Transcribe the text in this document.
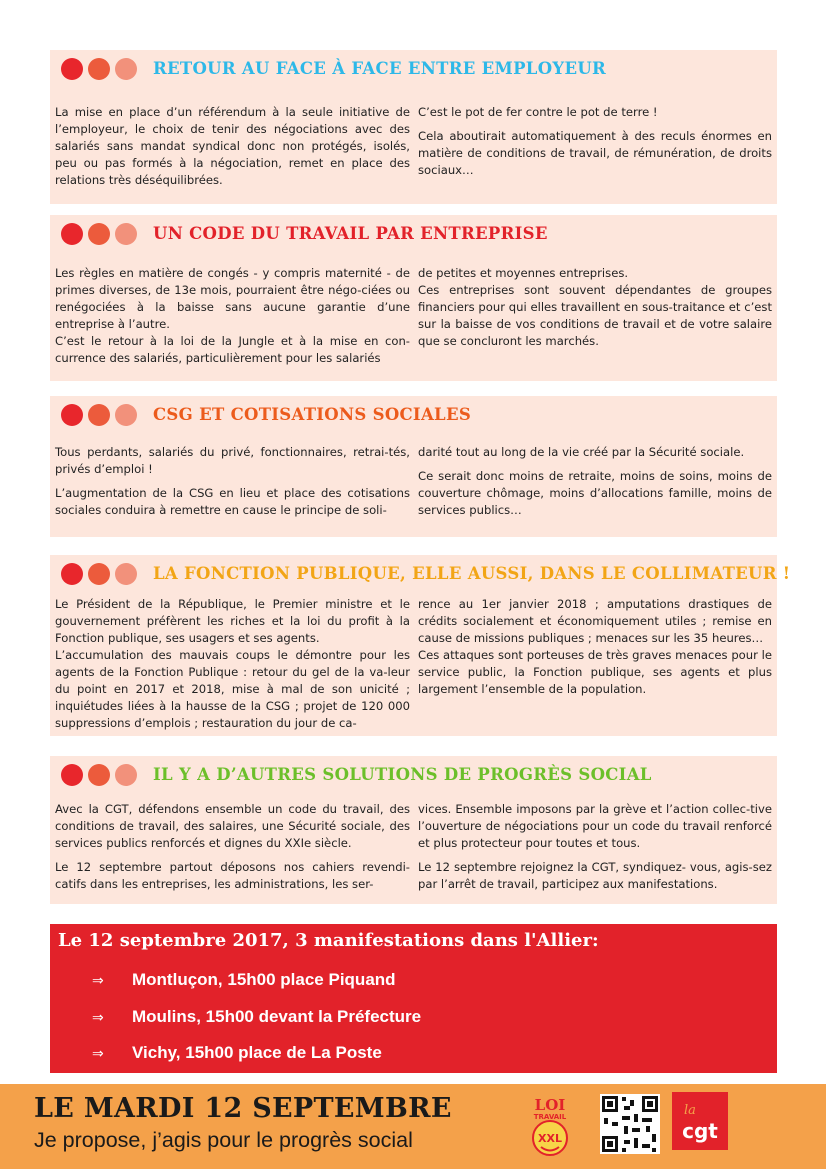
RETOUR AU FACE À FACE ENTRE EMPLOYEUR

La mise en place d’un référendum à la seule initiative de l’employeur, le choix de tenir des négociations avec des salariés sans mandat syndical donc non protégés, isolés, peu ou pas formés à la négociation, remet en place des relations très déséquilibrées.

C’est le pot de fer contre le pot de terre !

Cela aboutirait automatiquement à des reculs énormes en matière de conditions de travail, de rémunération, de droits sociaux…

UN CODE DU TRAVAIL PAR ENTREPRISE

Les règles en matière de congés - y compris maternité - de primes diverses, de 13e mois, pourraient être négo-ciées ou renégociées à la baisse sans aucune garantie d’une entreprise à l’autre.

C’est le retour à la loi de la Jungle et à la mise en con-currence des salariés, particulièrement pour les salariés

de petites et moyennes entreprises.

Ces entreprises sont souvent dépendantes de groupes financiers pour qui elles travaillent en sous-traitance et c’est sur la baisse de vos conditions de travail et de votre salaire que se concluront les marchés.

CSG ET COTISATIONS SOCIALES

Tous perdants, salariés du privé, fonctionnaires, retrai-tés, privés d’emploi !

L’augmentation de la CSG en lieu et place des cotisations sociales conduira à remettre en cause le principe de soli-

darité tout au long de la vie créé par la Sécurité sociale.

Ce serait donc moins de retraite, moins de soins, moins de couverture chômage, moins d’allocations famille, moins de services publics…

LA FONCTION PUBLIQUE, ELLE AUSSI, DANS LE COLLIMATEUR !

Le Président de la République, le Premier ministre et le gouvernement préfèrent les riches et la loi du profit à la Fonction publique, ses usagers et ses agents.

L’accumulation des mauvais coups le démontre pour les agents de la Fonction Publique : retour du gel de la va-leur du point en 2017 et 2018, mise à mal de son unicité ; inquiétudes liées à la hausse de la CSG ; projet de 120 000 suppressions d’emplois ; restauration du jour de ca-

rence au 1er janvier 2018 ; amputations drastiques de crédits socialement et économiquement utiles ; remise en cause de missions publiques ; menaces sur les 35 heures…

Ces attaques sont porteuses de très graves menaces pour le service public, la Fonction publique, ses agents et plus largement l’ensemble de la population.

IL Y A D’AUTRES SOLUTIONS DE PROGRÈS SOCIAL

Avec la CGT, défendons ensemble un code du travail, des conditions de travail, des salaires, une Sécurité sociale, des services publics renforcés et dignes du XXIe siècle.

Le 12 septembre partout déposons nos cahiers revendi-catifs dans les entreprises, les administrations, les ser-

vices. Ensemble imposons par la grève et l’action collec-tive l’ouverture de négociations pour un code du travail renforcé et plus protecteur pour toutes et tous.

Le 12 septembre rejoignez la CGT, syndiquez- vous, agis-sez par l’arrêt de travail, participez aux manifestations.

Le 12 septembre 2017, 3 manifestations dans l'Allier:
⇒ Montluçon, 15h00 place Piquand
⇒ Moulins, 15h00 devant la Préfecture
⇒ Vichy, 15h00 place de La Poste
LE MARDI 12 SEPTEMBRE
Je propose, j’agis pour le progrès social
LOI
TRAVAIL
XXL
la
cgt
